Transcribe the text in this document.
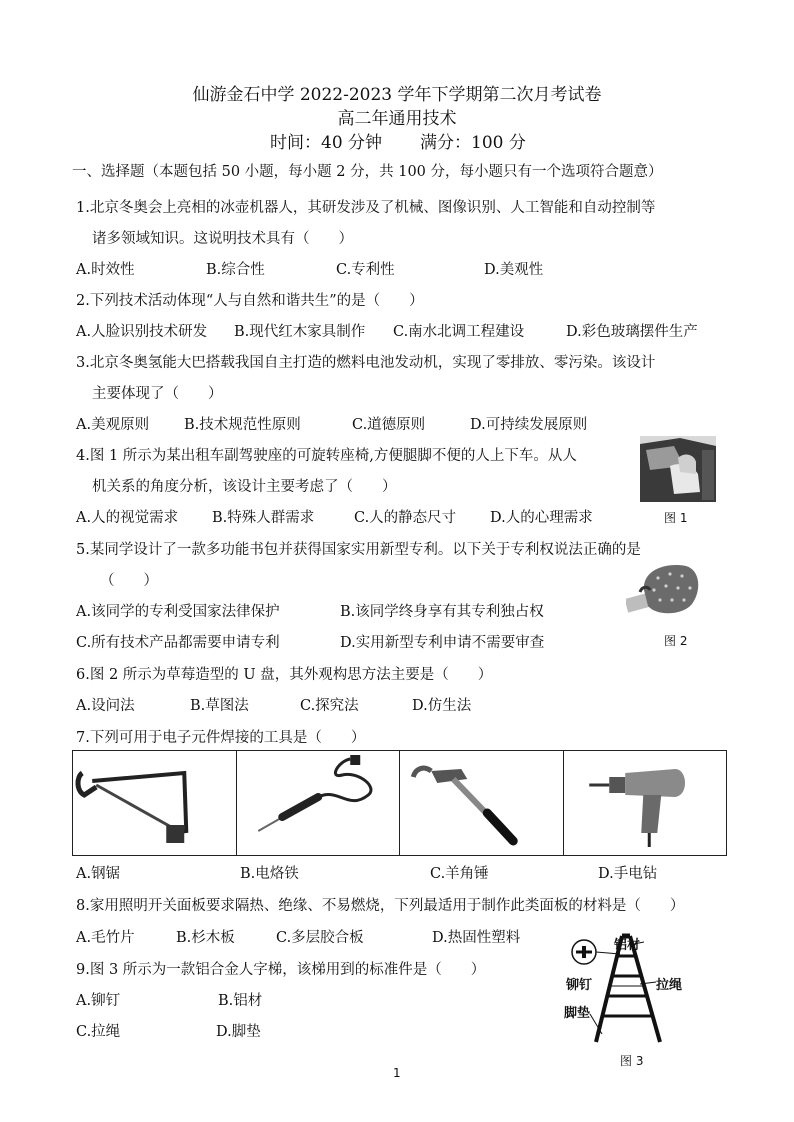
仙游金石中学 2022-2023 学年下学期第二次月考试卷
高二年通用技术
时间：40 分钟 满分：100 分
一、选择题（本题包括 50 小题，每小题 2 分，共 100 分，每小题只有一个选项符合题意）
1.北京冬奥会上亮相的冰壶机器人，其研发涉及了机械、图像识别、人工智能和自动控制等
诸多领域知识。这说明技术具有（　　）
A.时效性	B.综合性	C.专利性	D.美观性
2.下列技术活动体现“人与自然和谐共生”的是（　　）
A.人脸识别技术研发 B.现代红木家具制作 C.南水北调工程建设	D.彩色玻璃摆件生产
3.北京冬奥氢能大巴搭载我国自主打造的燃料电池发动机，实现了零排放、零污染。该设计
主要体现了（　　）
A.美观原则 B.技术规范性原则	C.道德原则	D.可持续发展原则
4.图 1 所示为某出租车副驾驶座的可旋转座椅,方便腿脚不便的人上下车。从人
机关系的角度分析，该设计主要考虑了（　　）
A.人的视觉需求 B.特殊人群需求	C.人的静态尺寸 D.人的心理需求	图 1
5.某同学设计了一款多功能书包并获得国家实用新型专利。以下关于专利权说法正确的是
（　　）
A.该同学的专利受国家法律保护	B.该同学终身享有其专利独占权
C.所有技术产品都需要申请专利	D.实用新型专利申请不需要审查	图 2
6.图 2 所示为草莓造型的 U 盘，其外观构思方法主要是（　　）
A.设问法	B.草图法	C.探究法	D.仿生法
7.下列可用于电子元件焊接的工具是（　　）

A.钢锯	B.电烙铁	C.羊角锤	D.手电钻
8.家用照明开关面板要求隔热、绝缘、不易燃烧，下列最适用于制作此类面板的材料是（　　）
A.毛竹片	B.杉木板	C.多层胶合板	D.热固性塑料
9.图 3 所示为一款铝合金人字梯，该梯用到的标准件是（　　）
A.铆钉	B.铝材
C.拉绳	D.脚垫
铝材
铆钉	拉绳
脚垫
图 3
1
